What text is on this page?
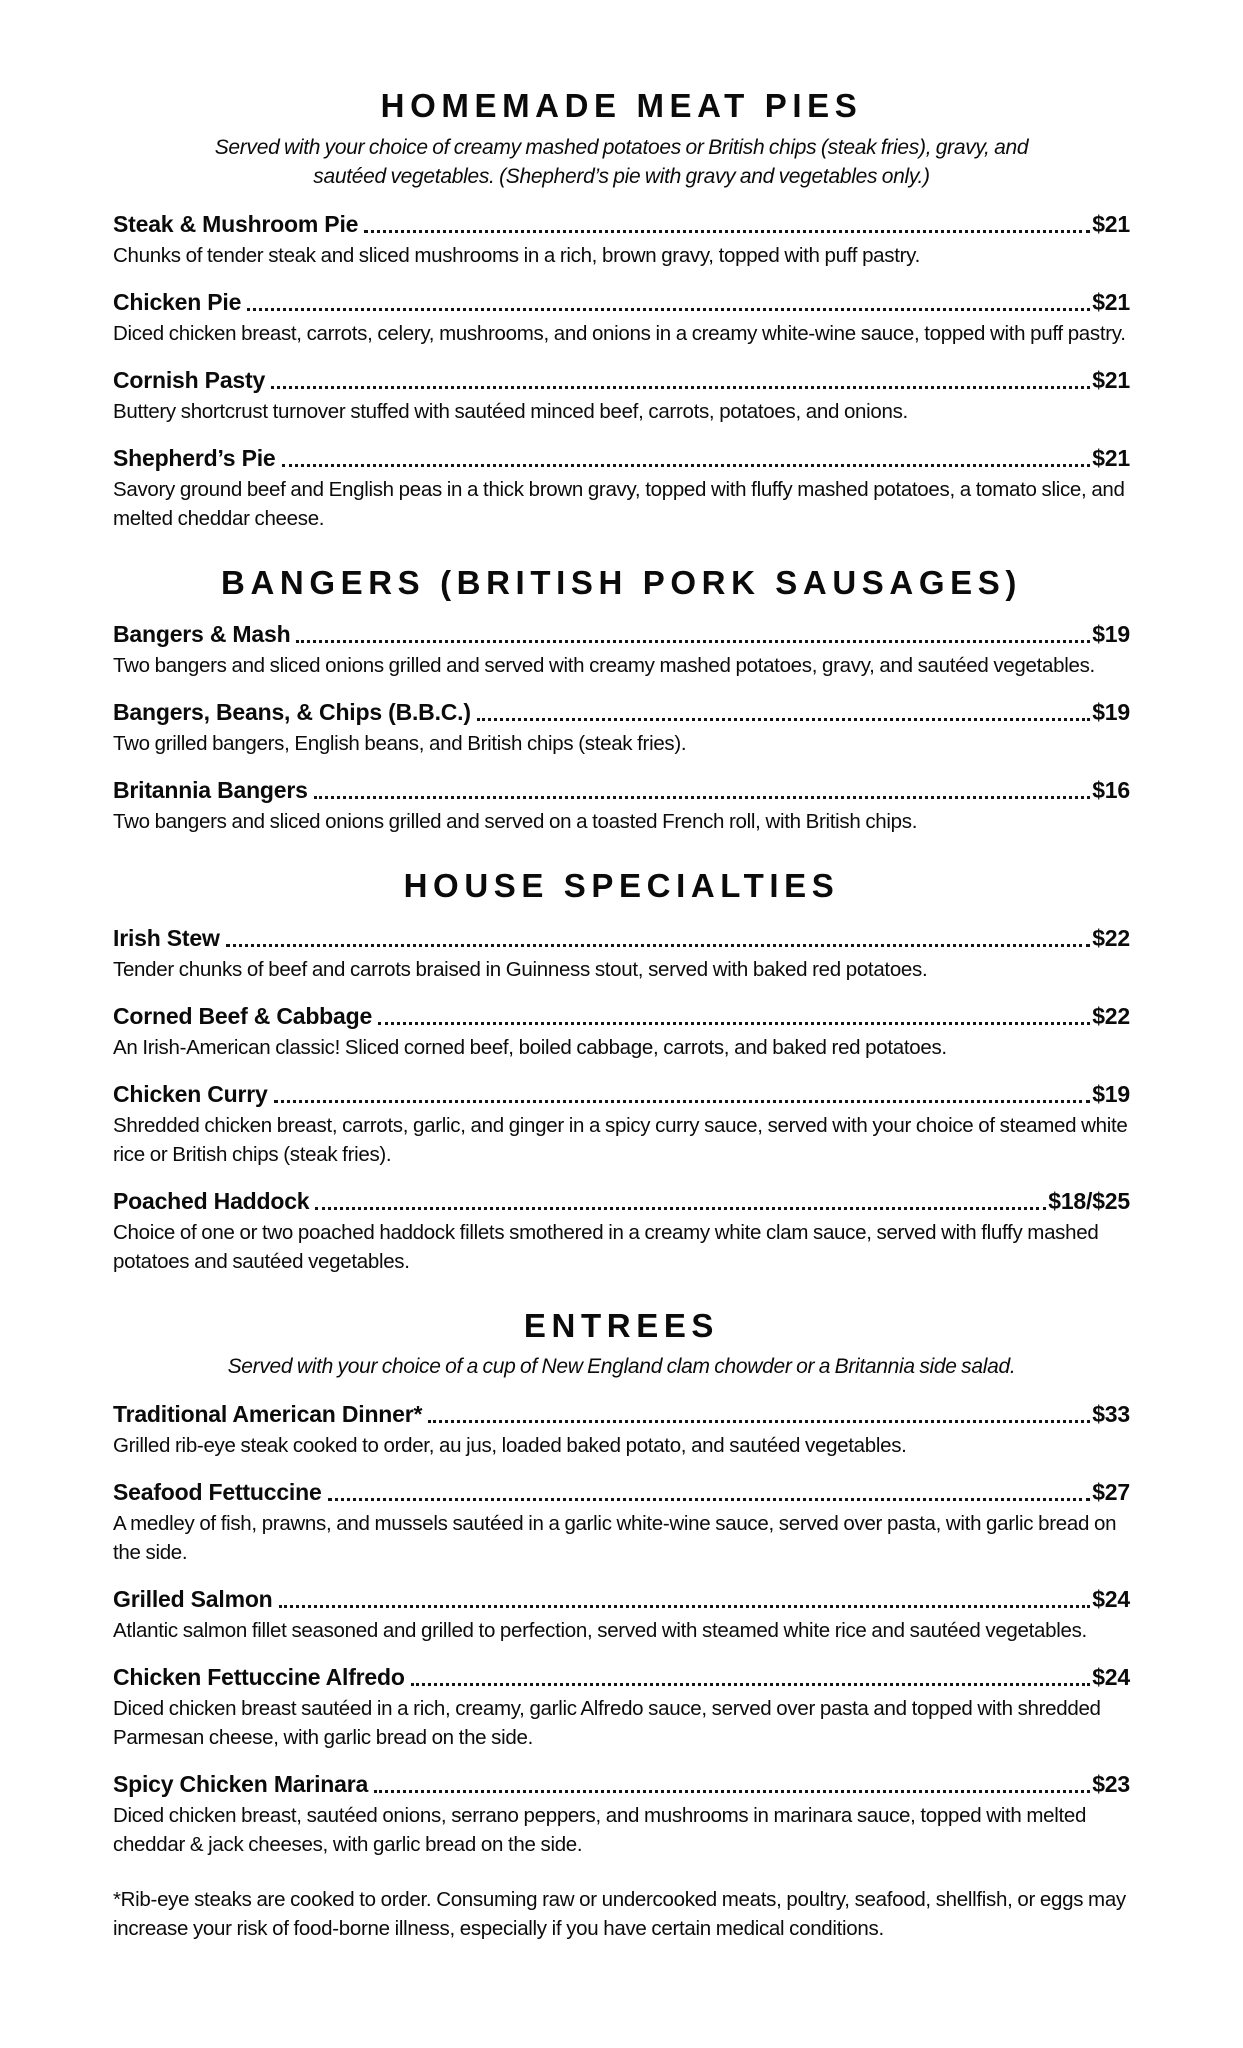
HOMEMADE MEAT PIES

Served with your choice of creamy mashed potatoes or British chips (steak fries), gravy, and sautéed vegetables. (Shepherd’s pie with gravy and vegetables only.)

Steak & Mushroom Pie	$21

Chunks of tender steak and sliced mushrooms in a rich, brown gravy, topped with puff pastry.

Chicken Pie	$21

Diced chicken breast, carrots, celery, mushrooms, and onions in a creamy white-wine sauce, topped with puff pastry.

Cornish Pasty	$21

Buttery shortcrust turnover stuffed with sautéed minced beef, carrots, potatoes, and onions.

Shepherd’s Pie	$21

Savory ground beef and English peas in a thick brown gravy, topped with fluffy mashed potatoes, a tomato slice, and melted cheddar cheese.

BANGERS (BRITISH PORK SAUSAGES)
Bangers & Mash	$19

Two bangers and sliced onions grilled and served with creamy mashed potatoes, gravy, and sautéed vegetables.

Bangers, Beans, & Chips (B.B.C.)	$19

Two grilled bangers, English beans, and British chips (steak fries).

Britannia Bangers	$16

Two bangers and sliced onions grilled and served on a toasted French roll, with British chips.

HOUSE SPECIALTIES
Irish Stew	$22

Tender chunks of beef and carrots braised in Guinness stout, served with baked red potatoes.

Corned Beef & Cabbage	$22

An Irish-American classic! Sliced corned beef, boiled cabbage, carrots, and baked red potatoes.

Chicken Curry	$19

Shredded chicken breast, carrots, garlic, and ginger in a spicy curry sauce, served with your choice of steamed white rice or British chips (steak fries).

Poached Haddock	$18/$25

Choice of one or two poached haddock fillets smothered in a creamy white clam sauce, served with fluffy mashed potatoes and sautéed vegetables.

ENTREES

Served with your choice of a cup of New England clam chowder or a Britannia side salad.

Traditional American Dinner*	$33

Grilled rib-eye steak cooked to order, au jus, loaded baked potato, and sautéed vegetables.

Seafood Fettuccine	$27

A medley of fish, prawns, and mussels sautéed in a garlic white-wine sauce, served over pasta, with garlic bread on the side.

Grilled Salmon	$24

Atlantic salmon fillet seasoned and grilled to perfection, served with steamed white rice and sautéed vegetables.

Chicken Fettuccine Alfredo	$24

Diced chicken breast sautéed in a rich, creamy, garlic Alfredo sauce, served over pasta and topped with shredded Parmesan cheese, with garlic bread on the side.

Spicy Chicken Marinara	$23

Diced chicken breast, sautéed onions, serrano peppers, and mushrooms in marinara sauce, topped with melted cheddar & jack cheeses, with garlic bread on the side.

*Rib-eye steaks are cooked to order. Consuming raw or undercooked meats, poultry, seafood, shellfish, or eggs may increase your risk of food-borne illness, especially if you have certain medical conditions.
